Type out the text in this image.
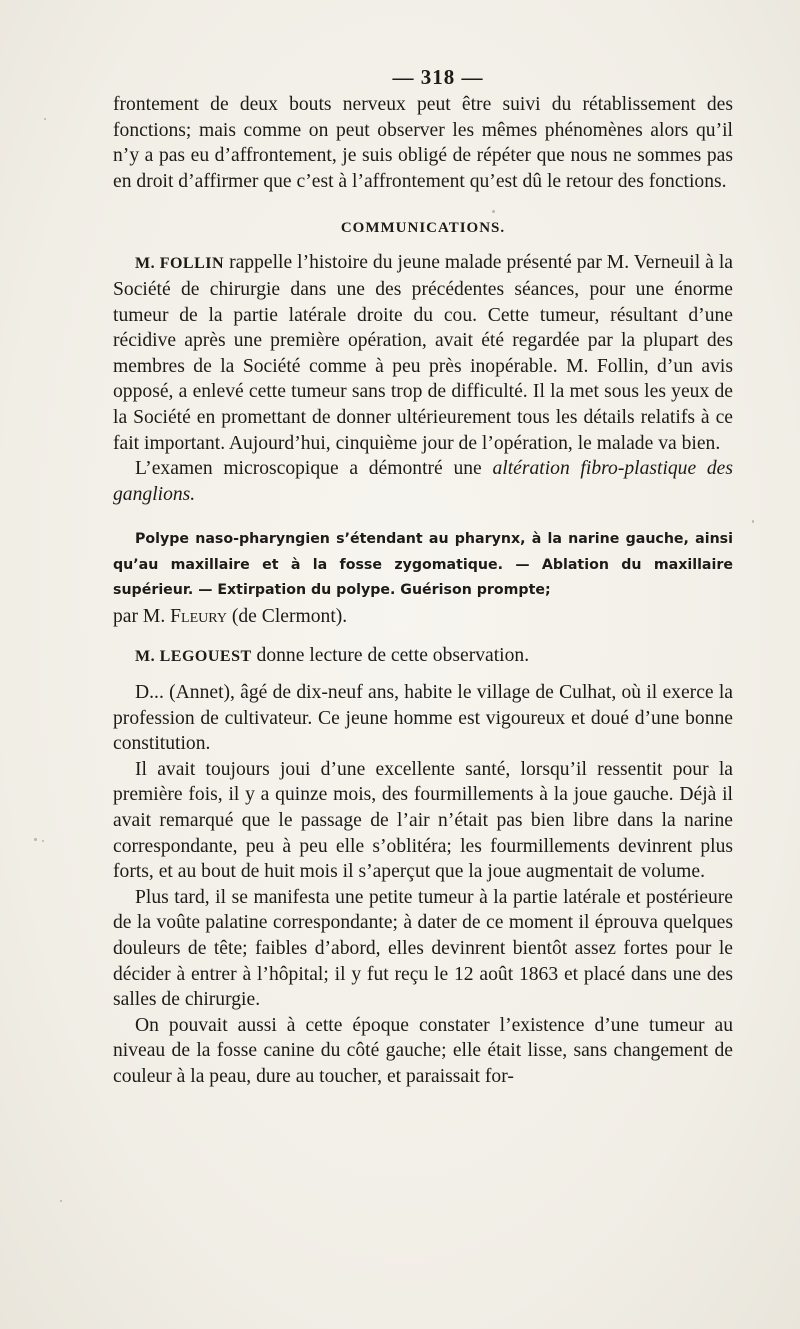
— 318 —

frontement de deux bouts nerveux peut être suivi du rétablissement des fonctions; mais comme on peut observer les mêmes phénomènes alors qu’il n’y a pas eu d’affrontement, je suis obligé de répéter que nous ne sommes pas en droit d’affirmer que c’est à l’affrontement qu’est dû le retour des fonctions.

COMMUNICATIONS.

M. FOLLIN rappelle l’histoire du jeune malade présenté par M. Verneuil à la Société de chirurgie dans une des précédentes séances, pour une énorme tumeur de la partie latérale droite du cou. Cette tumeur, résultant d’une récidive après une première opération, avait été regardée par la plupart des membres de la Société comme à peu près inopérable. M. Follin, d’un avis opposé, a enlevé cette tumeur sans trop de difficulté. Il la met sous les yeux de la Société en promettant de donner ultérieurement tous les détails relatifs à ce fait important. Aujourd’hui, cinquième jour de l’opération, le malade va bien.

L’examen microscopique a démontré une altération fibro-plastique des ganglions.

Polype naso-pharyngien s’étendant au pharynx, à la narine gauche, ainsi qu’au maxillaire et à la fosse zygomatique. — Ablation du maxillaire supérieur. — Extirpation du polype. Guérison prompte;

par M. Fleury (de Clermont).

M. LEGOUEST donne lecture de cette observation.

D... (Annet), âgé de dix-neuf ans, habite le village de Culhat, où il exerce la profession de cultivateur. Ce jeune homme est vigoureux et doué d’une bonne constitution.

Il avait toujours joui d’une excellente santé, lorsqu’il ressentit pour la première fois, il y a quinze mois, des fourmillements à la joue gauche. Déjà il avait remarqué que le passage de l’air n’était pas bien libre dans la narine correspondante, peu à peu elle s’oblitéra; les fourmillements devinrent plus forts, et au bout de huit mois il s’aperçut que la joue augmentait de volume.

Plus tard, il se manifesta une petite tumeur à la partie latérale et postérieure de la voûte palatine correspondante; à dater de ce moment il éprouva quelques douleurs de tête; faibles d’abord, elles devinrent bientôt assez fortes pour le décider à entrer à l’hôpital; il y fut reçu le 12 août 1863 et placé dans une des salles de chirurgie.

On pouvait aussi à cette époque constater l’existence d’une tumeur au niveau de la fosse canine du côté gauche; elle était lisse, sans changement de couleur à la peau, dure au toucher, et paraissait for-
